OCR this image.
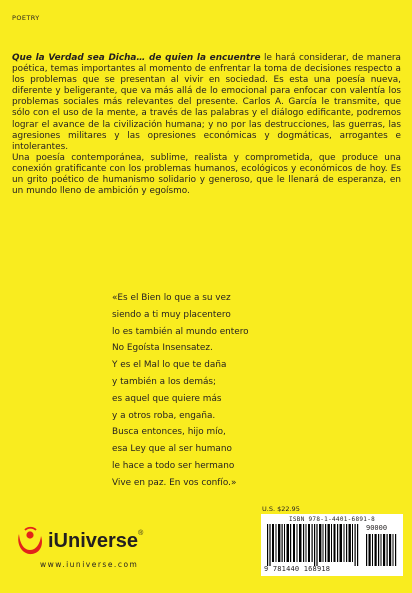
POETRY

Que la Verdad sea Dicha… de quien la encuentre le hará considerar, de manera poética, temas importantes al momento de enfrentar la toma de decisiones respecto a los problemas que se presentan al vivir en sociedad. Es esta una poesía nueva, diferente y beligerante, que va más allá de lo emocional para enfocar con valentía los problemas sociales más relevantes del presente. Carlos A. García le transmite, que sólo con el uso de la mente, a través de las palabras y el diálogo edificante, podremos lograr el avance de la civilización humana; y no por las destrucciones, las guerras, las agresiones militares y las opresiones económicas y dogmáticas, arrogantes e intolerantes.

Una poesía contemporánea, sublime, realista y comprometida, que produce una conexión gratificante con los problemas humanos, ecológicos y económicos de hoy. Es un grito poético de humanismo solidario y generoso, que le llenará de esperanza, en un mundo lleno de ambición y egoísmo.

«Es el Bien lo que a su vez
siendo a ti muy placentero
lo es también al mundo entero
No Egoísta Insensatez.
Y es el Mal lo que te daña
y también a los demás;
es aquel que quiere más
y a otros roba, engaña.
Busca entonces, hijo mío,
esa Ley que al ser humano
le hace a todo ser hermano
Vive en paz. En vos confío.»
U.S. $22.95
ISBN 978-1-4401-6891-8
90000
9 781440 168918
iUniverse®
www.iuniverse.com
